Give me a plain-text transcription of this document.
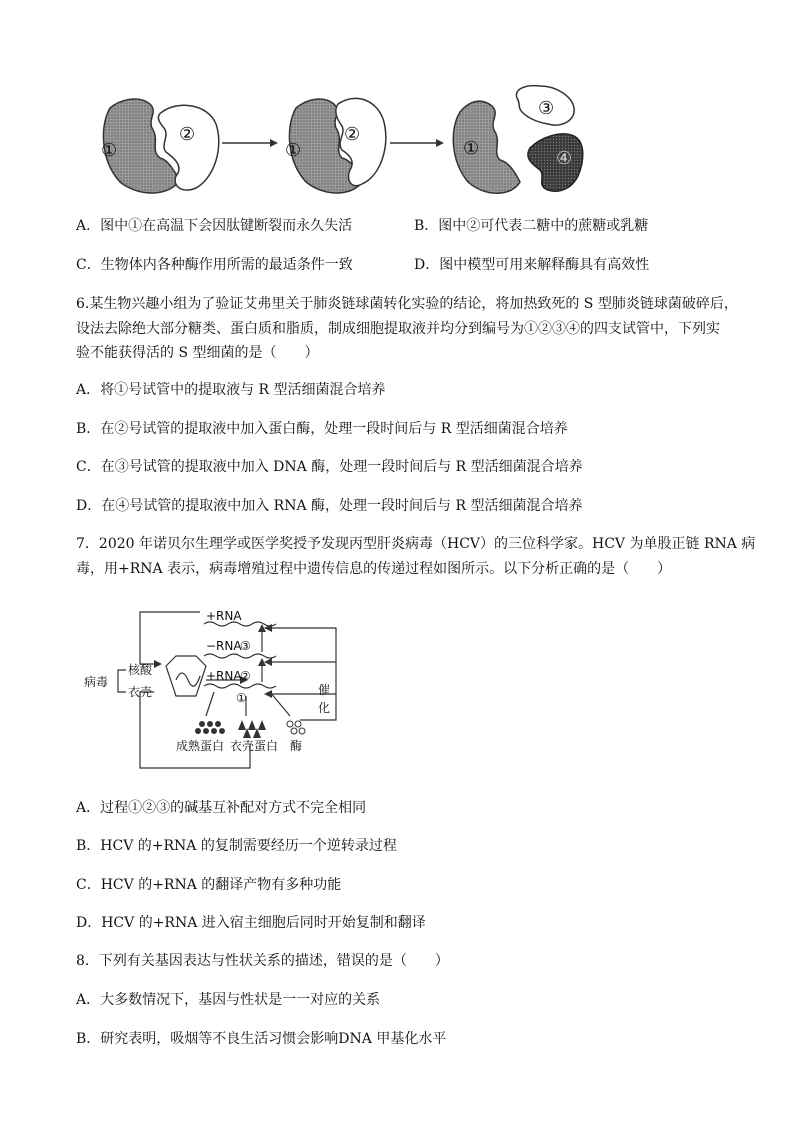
①
②
①
②
①
③
④
A．图中①在高温下会因肽键断裂而永久失活	B．图中②可代表二糖中的蔗糖或乳糖
C．生物体内各种酶作用所需的最适条件一致	D．图中模型可用来解释酶具有高效性
6.某生物兴趣小组为了验证艾弗里关于肺炎链球菌转化实验的结论，将加热致死的 S 型肺炎链球菌破碎后，
设法去除绝大部分糖类、蛋白质和脂质，制成细胞提取液并均分到编号为①②③④的四支试管中，下列实
验不能获得活的 S 型细菌的是（　　）
A．将①号试管中的提取液与 R 型活细菌混合培养
B．在②号试管的提取液中加入蛋白酶，处理一段时间后与 R 型活细菌混合培养
C．在③号试管的提取液中加入 DNA 酶，处理一段时间后与 R 型活细菌混合培养
D．在④号试管的提取液中加入 RNA 酶，处理一段时间后与 R 型活细菌混合培养
7．2020 年诺贝尔生理学或医学奖授予发现丙型肝炎病毒（HCV）的三位科学家。HCV 为单股正链 RNA 病
毒，用+RNA 表示，病毒增殖过程中遗传信息的传递过程如图所示。以下分析正确的是（　　）
+RNA
−RNA
③
+RNA
②
①
病毒
核酸
衣壳	催
化
成熟蛋白 衣壳蛋白 酶
A．过程①②③的碱基互补配对方式不完全相同
B．HCV 的+RNA 的复制需要经历一个逆转录过程
C．HCV 的+RNA 的翻译产物有多种功能
D．HCV 的+RNA 进入宿主细胞后同时开始复制和翻译
8．下列有关基因表达与性状关系的描述，错误的是（　　）
A．大多数情况下，基因与性状是一一对应的关系
B．研究表明，吸烟等不良生活习惯会影响DNA 甲基化水平
